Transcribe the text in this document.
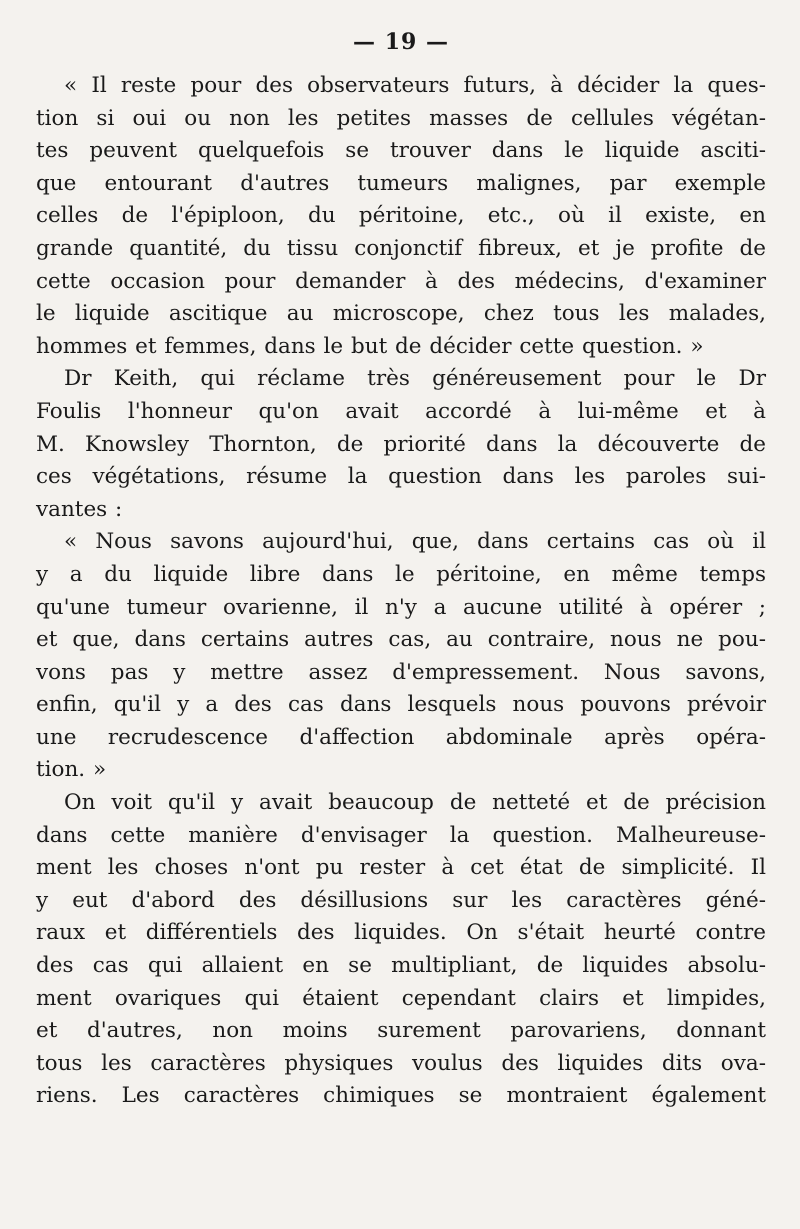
— 19 —
« Il reste pour des observateurs futurs, à décider la ques-
tion si oui ou non les petites masses de cellules végétan-
tes peuvent quelquefois se trouver dans le liquide asciti-
que entourant d'autres tumeurs malignes, par exemple
celles de l'épiploon, du péritoine, etc., où il existe, en
grande quantité, du tissu conjonctif fibreux, et je profite de
cette occasion pour demander à des médecins, d'examiner
le liquide ascitique au microscope, chez tous les malades,
hommes et femmes, dans le but de décider cette question. »
Dr Keith, qui réclame très généreusement pour le Dr
Foulis l'honneur qu'on avait accordé à lui-même et à
M. Knowsley Thornton, de priorité dans la découverte de
ces végétations, résume la question dans les paroles sui-
vantes :
« Nous savons aujourd'hui, que, dans certains cas où il
y a du liquide libre dans le péritoine, en même temps
qu'une tumeur ovarienne, il n'y a aucune utilité à opérer ;
et que, dans certains autres cas, au contraire, nous ne pou-
vons pas y mettre assez d'empressement. Nous savons,
enfin, qu'il y a des cas dans lesquels nous pouvons prévoir
une recrudescence d'affection abdominale après opéra-
tion. »
On voit qu'il y avait beaucoup de netteté et de précision
dans cette manière d'envisager la question. Malheureuse-
ment les choses n'ont pu rester à cet état de simplicité. Il
y eut d'abord des désillusions sur les caractères géné-
raux et différentiels des liquides. On s'était heurté contre
des cas qui allaient en se multipliant, de liquides absolu-
ment ovariques qui étaient cependant clairs et limpides,
et d'autres, non moins surement parovariens, donnant
tous les caractères physiques voulus des liquides dits ova-
riens. Les caractères chimiques se montraient également
